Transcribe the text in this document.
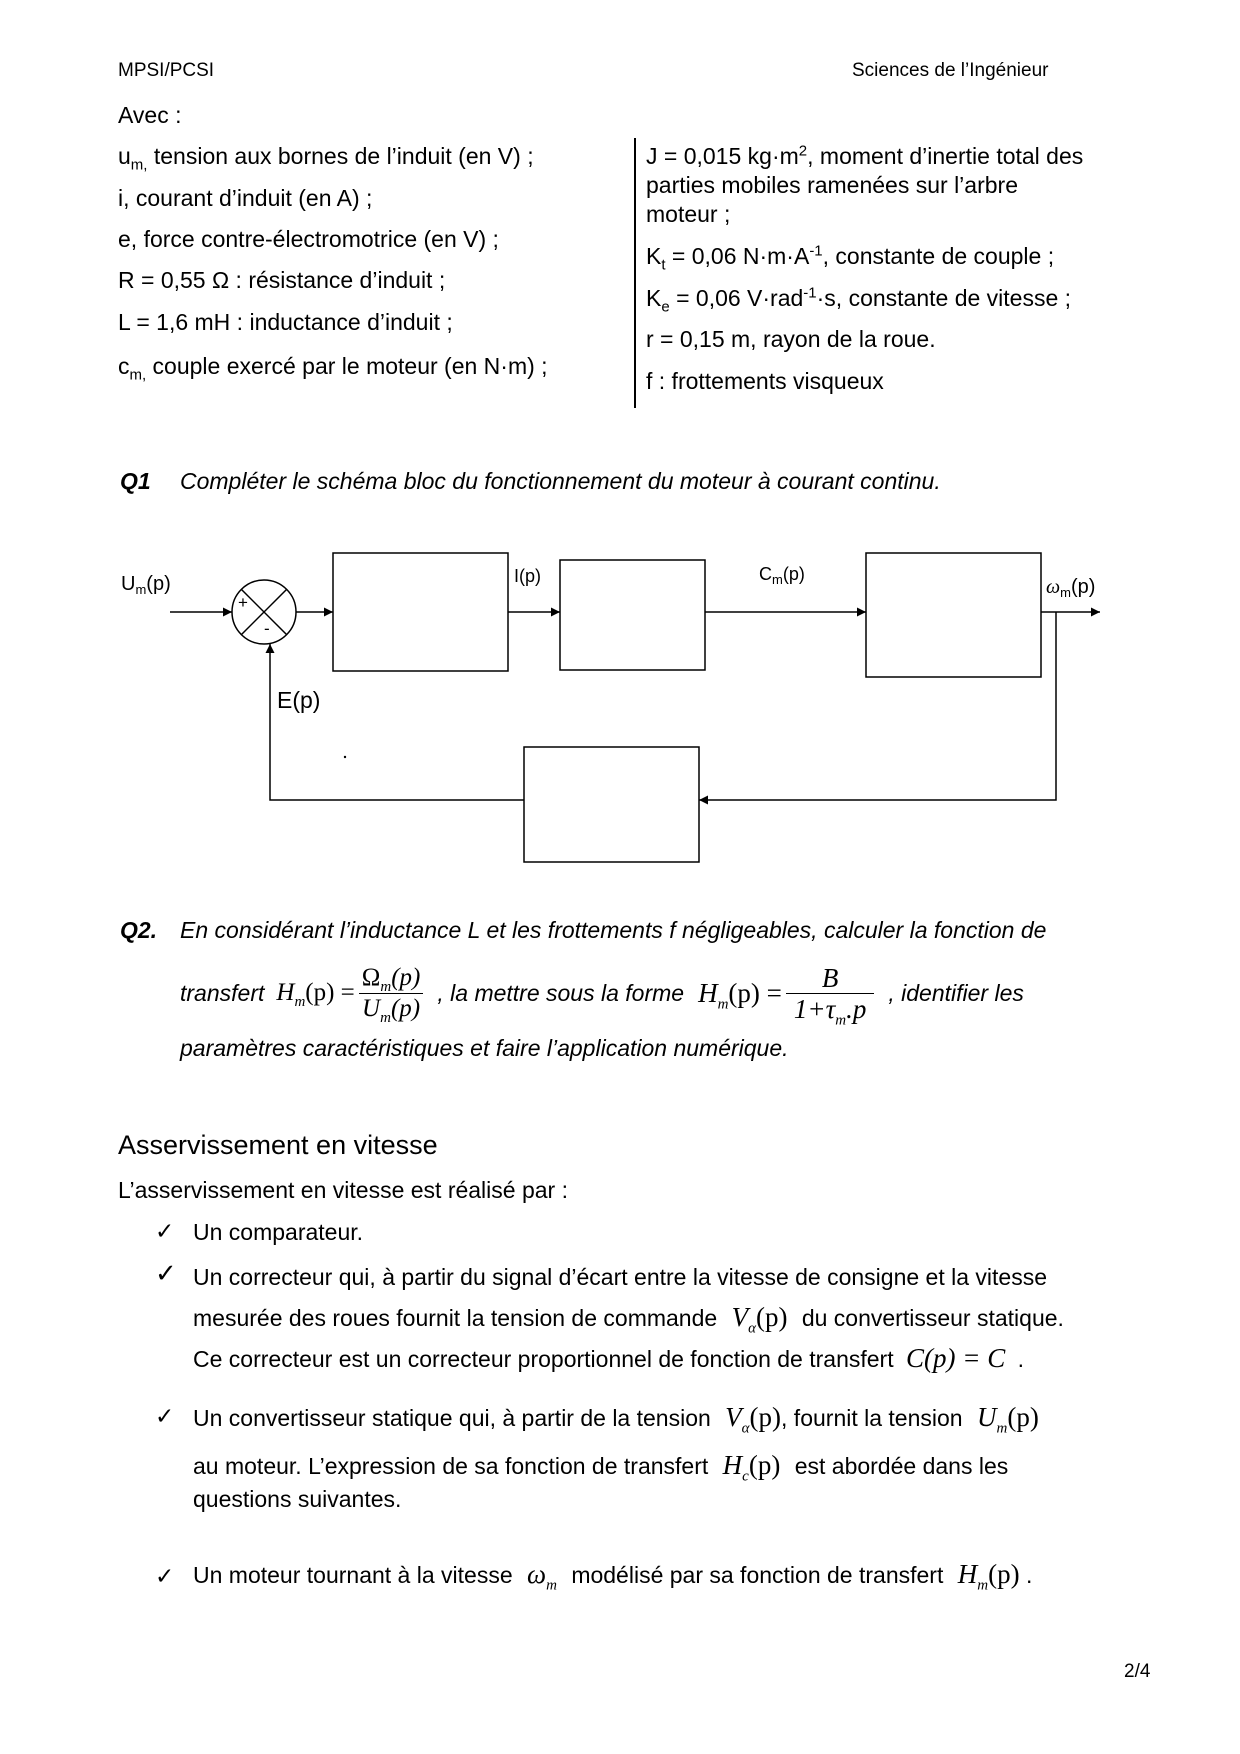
MPSI/PCSI	Sciences de l’Ingénieur
Avec :
$u_{m,}$ tension aux bornes de l’induit (en V) ;
i, courant d’induit (en A) ;
e, force contre-électromotrice (en V) ;
R = 0,55 Ω : résistance d’induit ;
L = 1,6 mH : inductance d’induit ;
$c_{m,}$ couple exercé par le moteur (en N·m) ;
J = 0,015 $kg\cdot m^2$, moment d’inertie total des
parties mobiles ramenées sur l’arbre
moteur ;
$K_t = 0,06$ $N\cdot m\cdot A^{-1}$, constante de couple ;
$K_e = 0,06$ V·rad$^{-1}$·s, constante de vitesse ;
r = 0,15 m, rayon de la roue.
f : frottements visqueux
Q1 Compléter le schéma bloc du fonctionnement du moteur à courant continu.
$U_m(p)$
+
-
I(p)	$C_m(p)$
$\omega_m(p)$
E(p)
Q2. En considérant l’inductance L et les frottements f négligeables, calculer la fonction de
transfert $H_m(p) = \frac{\Omega_m(p)}{U_m(p)}$ , la mettre sous la forme $H_m(p) = \frac{B}{1+\tau_m.p}$ , identifier les
paramètres caractéristiques et faire l’application numérique.
Asservissement en vitesse
L’asservissement en vitesse est réalisé par :
✓ Un comparateur.
✓ Un correcteur qui, à partir du signal d’écart entre la vitesse de consigne et la vitesse
mesurée des roues fournit la tension de commande $V_\alpha(p)$ du convertisseur statique.
Ce correcteur est un correcteur proportionnel de fonction de transfert C(p) = C .
✓ Un convertisseur statique qui, à partir de la tension $V_\alpha(p)$, fournit la tension $U_m(p)$
au moteur. L’expression de sa fonction de transfert $H_c(p)$ est abordée dans les
questions suivantes.
✓ Un moteur tournant à la vitesse $\omega_m$ modélisé par sa fonction de transfert $H_m(p)$ .
2/4
